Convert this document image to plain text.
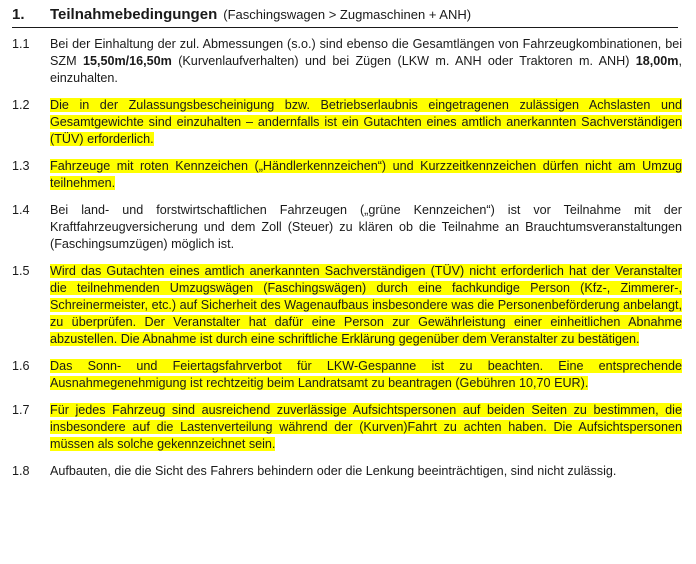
1.	Teilnahmebedingungen (Faschingswagen > Zugmaschinen + ANH)
1.1	Bei der Einhaltung der zul. Abmessungen (s.o.) sind ebenso die Gesamtlängen von Fahrzeugkombinationen, bei SZM 15,50m/16,50m (Kurvenlaufverhalten) und bei Zügen (LKW m. ANH oder Traktoren m. ANH) 18,00m, einzuhalten.
1.2	Die in der Zulassungsbescheinigung bzw. Betriebserlaubnis eingetragenen zulässigen Achslasten und Gesamtgewichte sind einzuhalten – andernfalls ist ein Gutachten eines amtlich anerkannten Sachverständigen (TÜV) erforderlich.
1.3	Fahrzeuge mit roten Kennzeichen („Händlerkennzeichen“) und Kurzzeitkennzeichen dürfen nicht am Umzug teilnehmen.
1.4	Bei land- und forstwirtschaftlichen Fahrzeugen („grüne Kennzeichen“) ist vor Teilnahme mit der Kraftfahrzeugversicherung und dem Zoll (Steuer) zu klären ob die Teilnahme an Brauchtumsveranstaltungen (Faschingsumzügen) möglich ist.
1.5	Wird das Gutachten eines amtlich anerkannten Sachverständigen (TÜV) nicht erforderlich hat der Veranstalter die teilnehmenden Umzugswägen (Faschingswägen) durch eine fachkundige Person (Kfz-, Zimmerer-, Schreinermeister, etc.) auf Sicherheit des Wagenaufbaus insbesondere was die Personenbeförderung anbelangt, zu überprüfen. Der Veranstalter hat dafür eine Person zur Gewährleistung einer einheitlichen Abnahme abzustellen. Die Abnahme ist durch eine schriftliche Erklärung gegenüber dem Veranstalter zu bestätigen.
1.6	Das Sonn- und Feiertagsfahrverbot für LKW-Gespanne ist zu beachten. Eine entsprechende Ausnahmegenehmigung ist rechtzeitig beim Landratsamt zu beantragen (Gebühren 10,70 EUR).
1.7	Für jedes Fahrzeug sind ausreichend zuverlässige Aufsichtspersonen auf beiden Seiten zu bestimmen, die insbesondere auf die Lastenverteilung während der (Kurven)Fahrt zu achten haben. Die Aufsichtspersonen müssen als solche gekennzeichnet sein.
1.8	Aufbauten, die die Sicht des Fahrers behindern oder die Lenkung beeinträchtigen, sind nicht zulässig.
